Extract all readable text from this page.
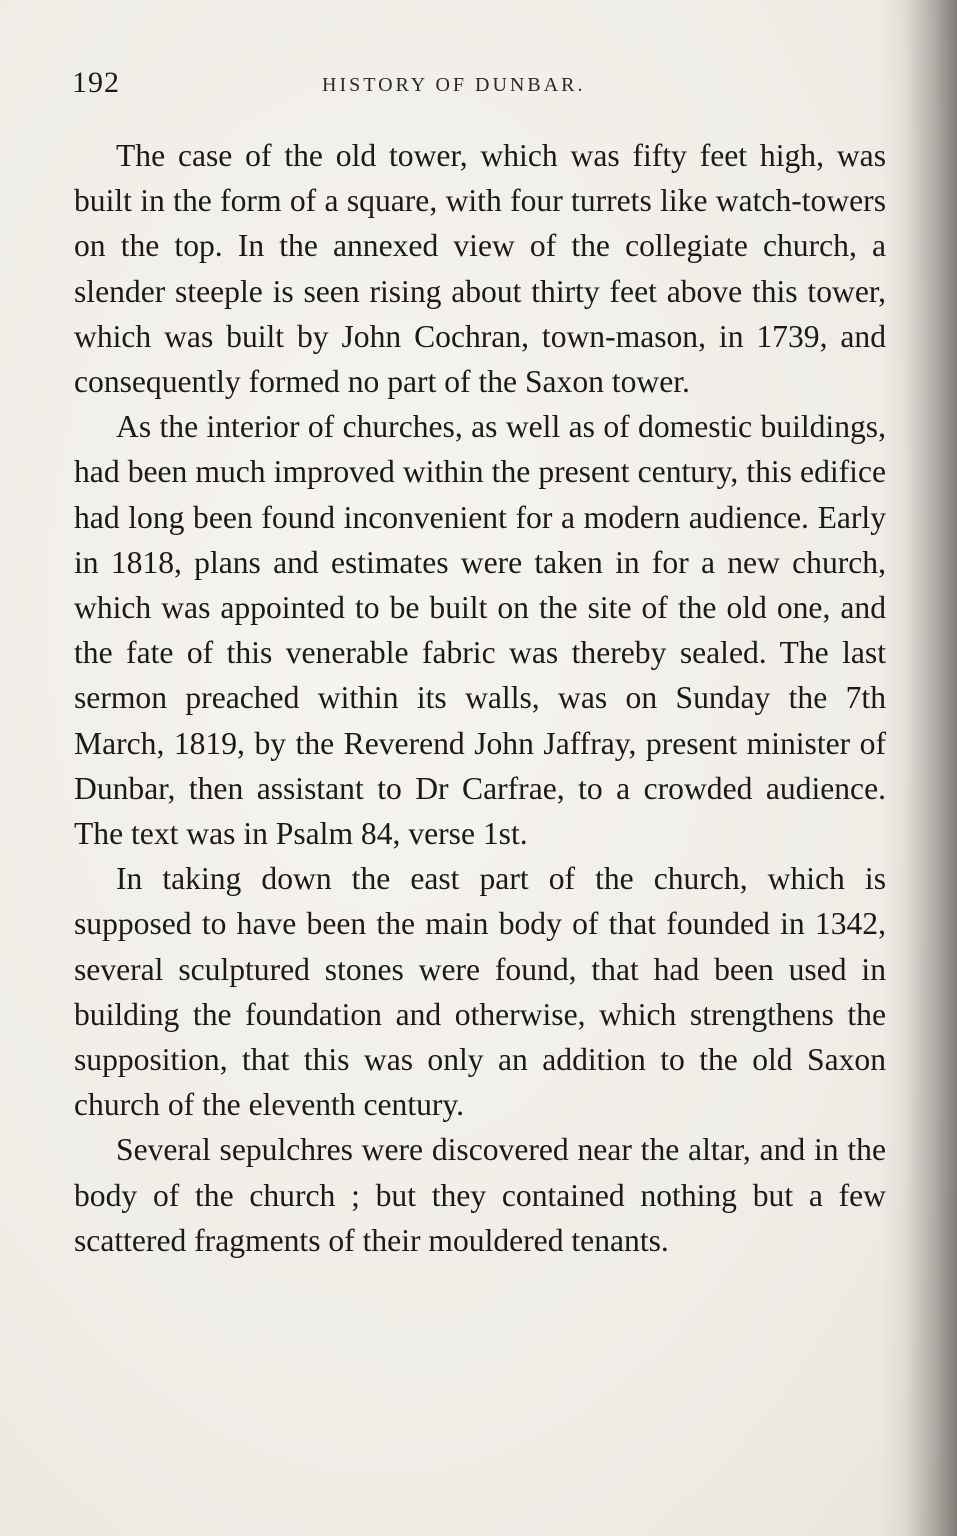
192	HISTORY OF DUNBAR.

The case of the old tower, which was fifty feet high, was built in the form of a square, with four turrets like watch-towers on the top. In the annexed view of the collegiate church, a slender steeple is seen rising about thirty feet above this tower, which was built by John Cochran, town-mason, in 1739, and consequently formed no part of the Saxon tower.

As the interior of churches, as well as of domestic buildings, had been much improved within the present century, this edifice had long been found inconvenient for a modern audience. Early in 1818, plans and estimates were taken in for a new church, which was appointed to be built on the site of the old one, and the fate of this venerable fabric was thereby sealed. The last sermon preached within its walls, was on Sunday the 7th March, 1819, by the Reverend John Jaffray, present minister of Dunbar, then assistant to Dr Carfrae, to a crowded audience. The text was in Psalm 84, verse 1st.

In taking down the east part of the church, which is supposed to have been the main body of that founded in 1342, several sculptured stones were found, that had been used in building the foundation and otherwise, which strengthens the supposition, that this was only an addition to the old Saxon church of the eleventh century.

Several sepulchres were discovered near the altar, and in the body of the church ; but they contained nothing but a few scattered fragments of their mouldered tenants.
